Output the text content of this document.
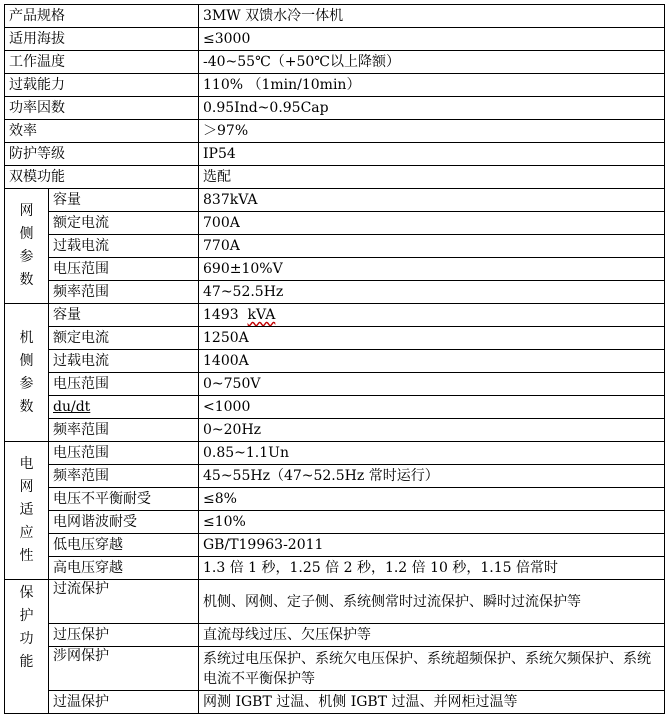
产品规格		3MW 双馈水冷一体机
适用海拔		≤3000
工作温度		-40~55℃（+50℃以上降额）
过载能力		110% （1min/10min）
功率因数		0.95Ind~0.95Cap
效率		＞97%
防护等级		IP54
双模功能		选配
网侧参数	容量	837kVA
	额定电流	700A
	过载电流	770A
	电压范围	690±10%V
	频率范围	47~52.5Hz
机侧参数	容量	1493 kVA
	额定电流	1250A
	过载电流	1400A
	电压范围	0~750V
	du/dt	<1000
	频率范围	0~20Hz
电网适应性	电压范围	0.85~1.1Un
	频率范围	45~55Hz（47~52.5Hz 常时运行）
	电压不平衡耐受	≤8%
	电网谐波耐受	≤10%
	低电压穿越	GB/T19963-2011
	高电压穿越	1.3 倍 1 秒，1.25 倍 2 秒，1.2 倍 10 秒，1.15 倍常时
保护功能	过流保护	机侧、网侧、定子侧、系统侧常时过流保护、瞬时过流保护等
	过压保护	直流母线过压、欠压保护等
	涉网保护	系统过电压保护、系统欠电压保护、系统超频保护、系统欠频保护、系统电流不平衡保护等
	过温保护	网测 IGBT 过温、机侧 IGBT 过温、并网柜过温等
